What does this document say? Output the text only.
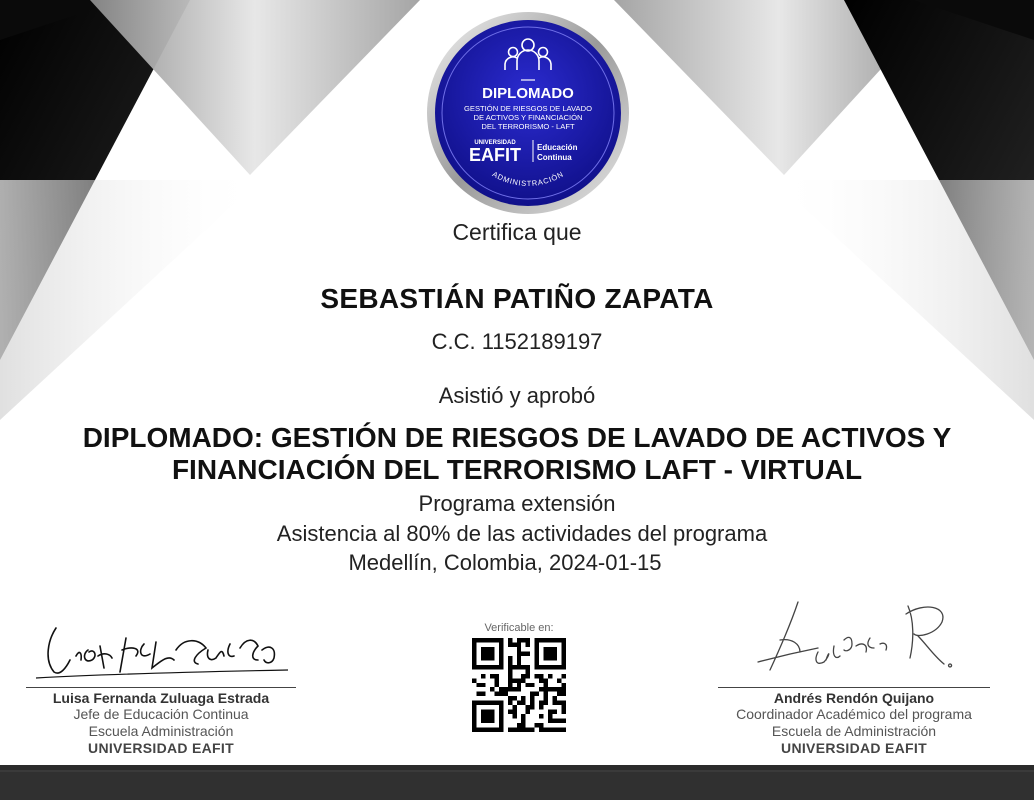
DIPLOMADO
GESTIÓN DE RIESGOS DE LAVADO
DE ACTIVOS Y FINANCIACIÓN
DEL TERRORISMO - LAFT
UNIVERSIDAD
EAFIT Educación
Continua
ADMINISTRACIÓN
Certifica que
SEBASTIÁN PATIÑO ZAPATA
C.C. 1152189197
Asistió y aprobó
DIPLOMADO: GESTIÓN DE RIESGOS DE LAVADO DE ACTIVOS Y
FINANCIACIÓN DEL TERRORISMO LAFT - VIRTUAL
Programa extensión
Asistencia al 80% de las actividades del programa
Medellín, Colombia, 2024-01-15
Luisa Fernanda Zuluaga Estrada
Jefe de Educación Continua
Escuela Administración
UNIVERSIDAD EAFIT
Verificable en:
Andrés Rendón Quijano
Coordinador Académico del programa
Escuela de Administración
UNIVERSIDAD EAFIT
